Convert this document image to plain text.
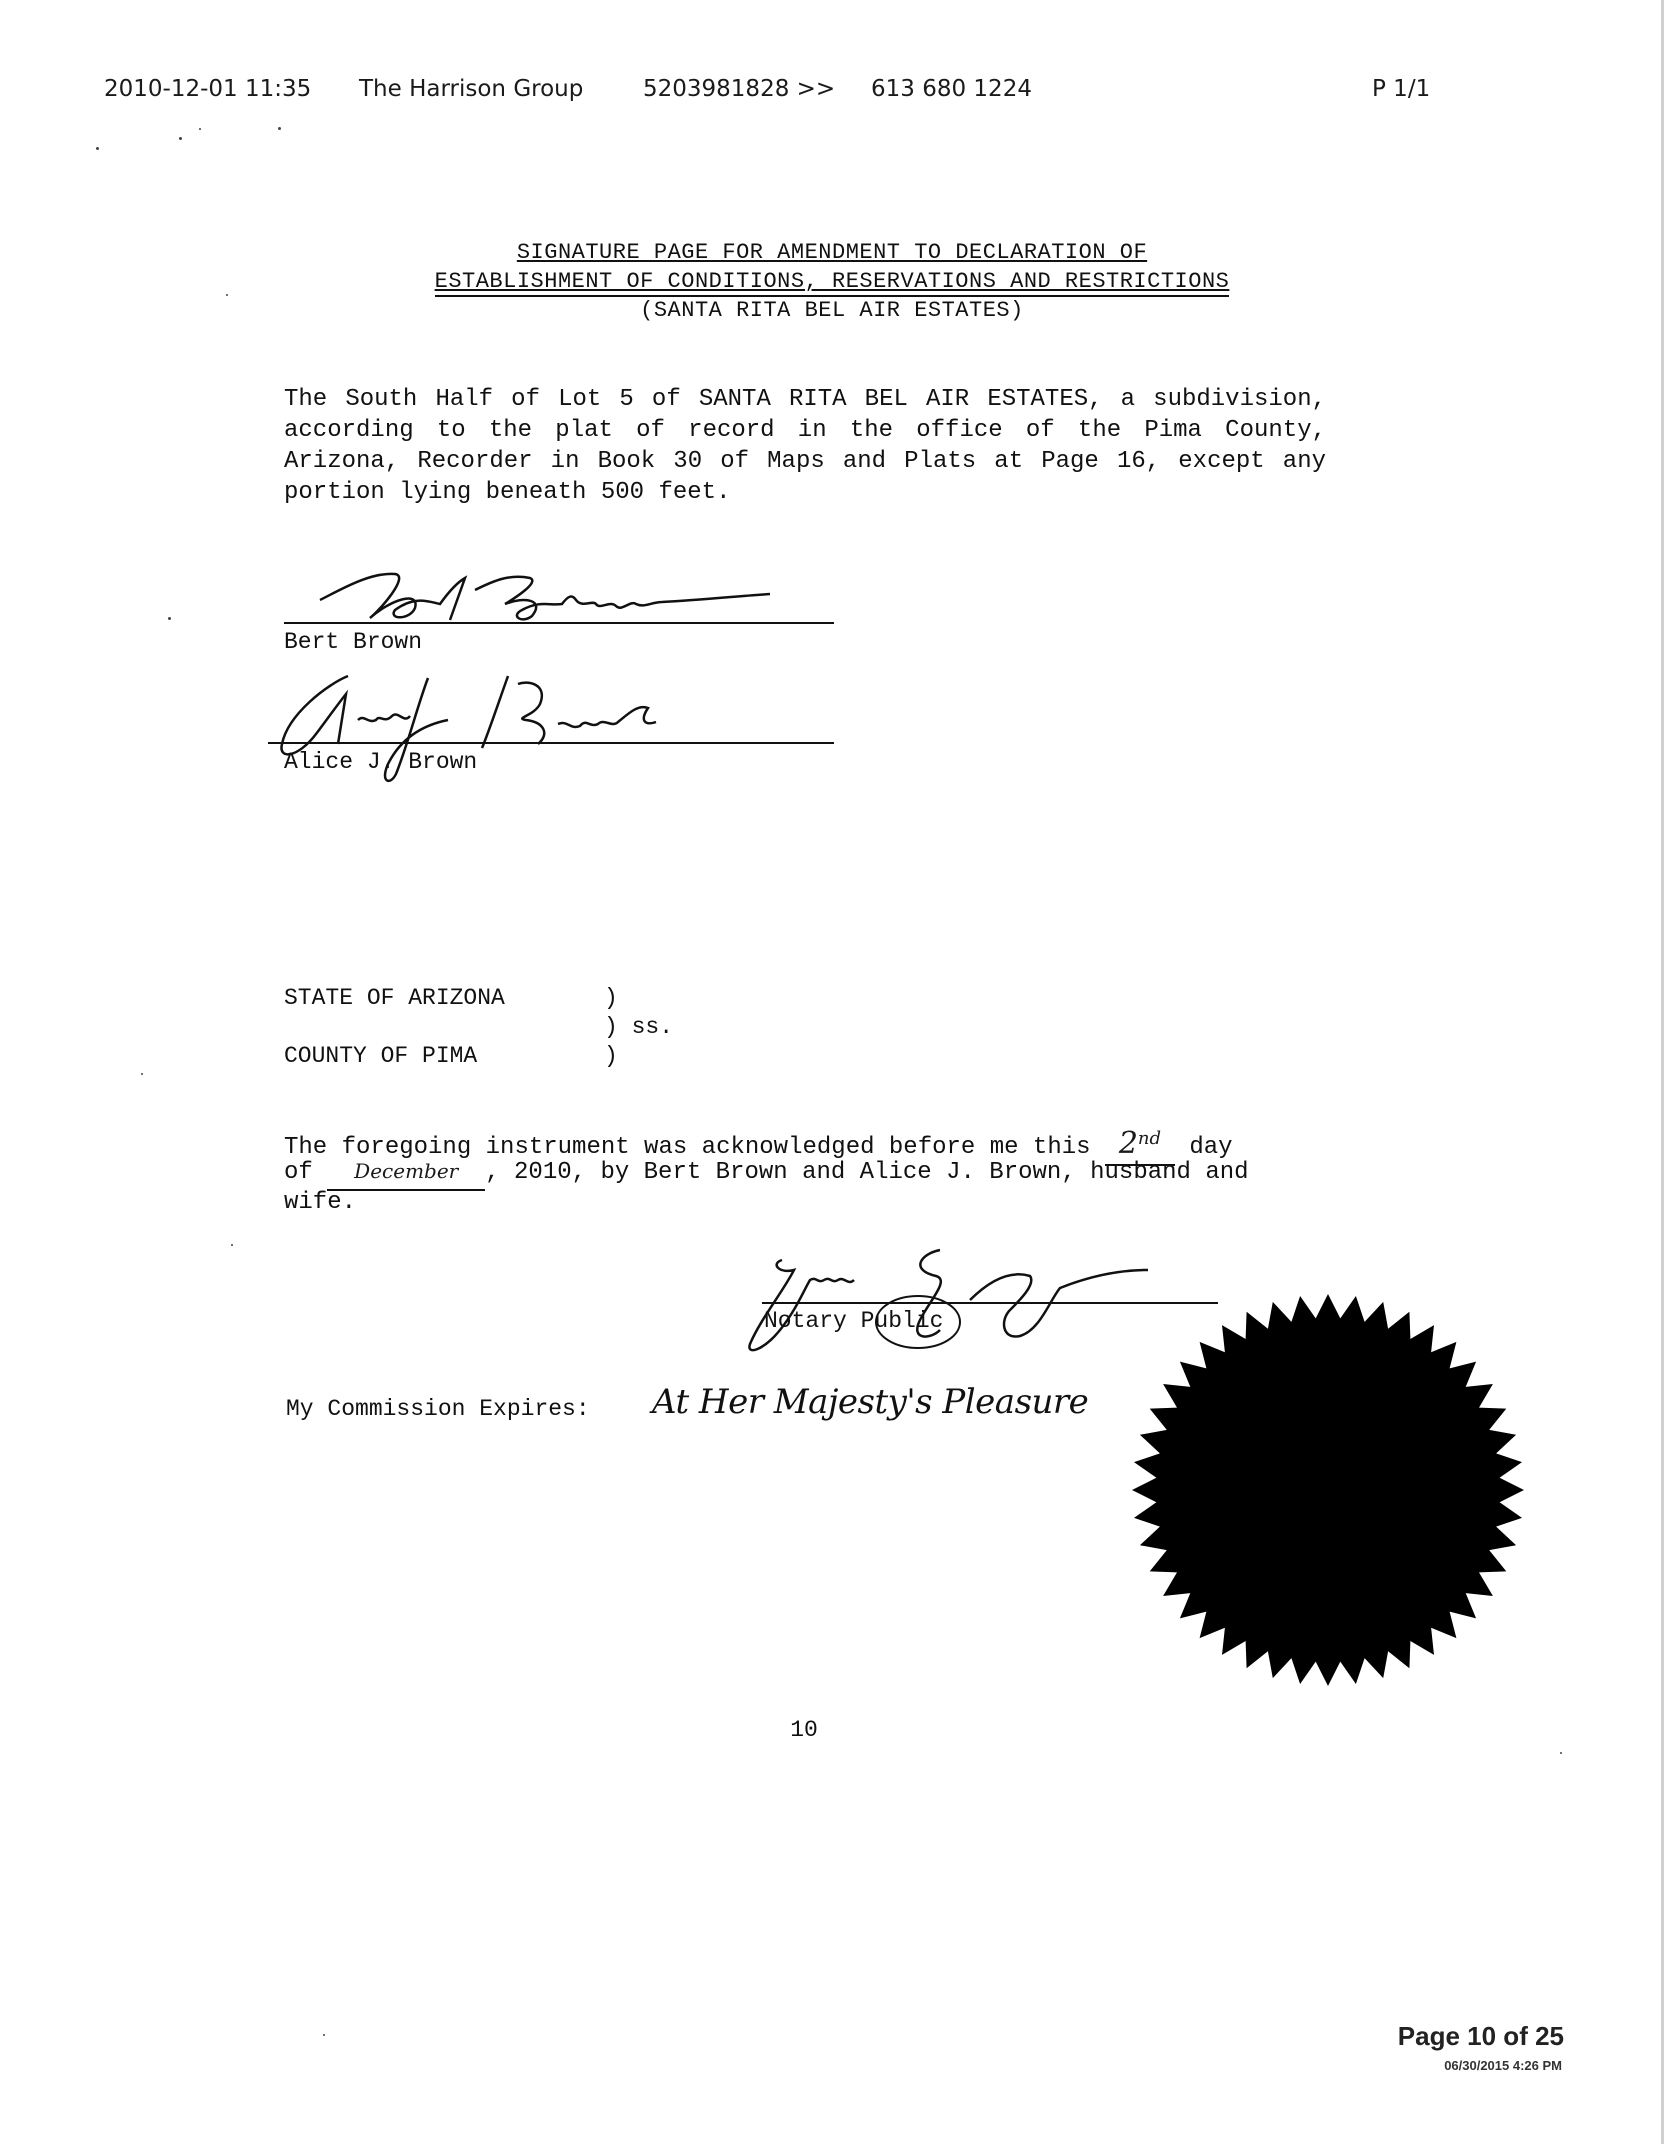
2010-12-01 11:35 The Harrison Group	5203981828 >> 613 680 1224	P 1/1
SIGNATURE PAGE FOR AMENDMENT TO DECLARATION OF
ESTABLISHMENT OF CONDITIONS, RESERVATIONS AND RESTRICTIONS
(SANTA RITA BEL AIR ESTATES)
The South Half of Lot 5 of SANTA RITA BEL AIR ESTATES, a subdivision, according to the plat of record in the office of the Pima County, Arizona, Recorder in Book 30 of Maps and Plats at Page 16, except any portion lying beneath 500 feet.
Bert Brown
Alice J. Brown
STATE OF ARIZONA	)
) ss.
COUNTY OF PIMA	)
The foregoing instrument was acknowledged before me this 2nd day
of December , 2010, by Bert Brown and Alice J. Brown, husband and
wife.
Notary Public
My Commission Expires: At Her Majesty's Pleasure
10
Page 10 of 25
06/30/2015 4:26 PM
